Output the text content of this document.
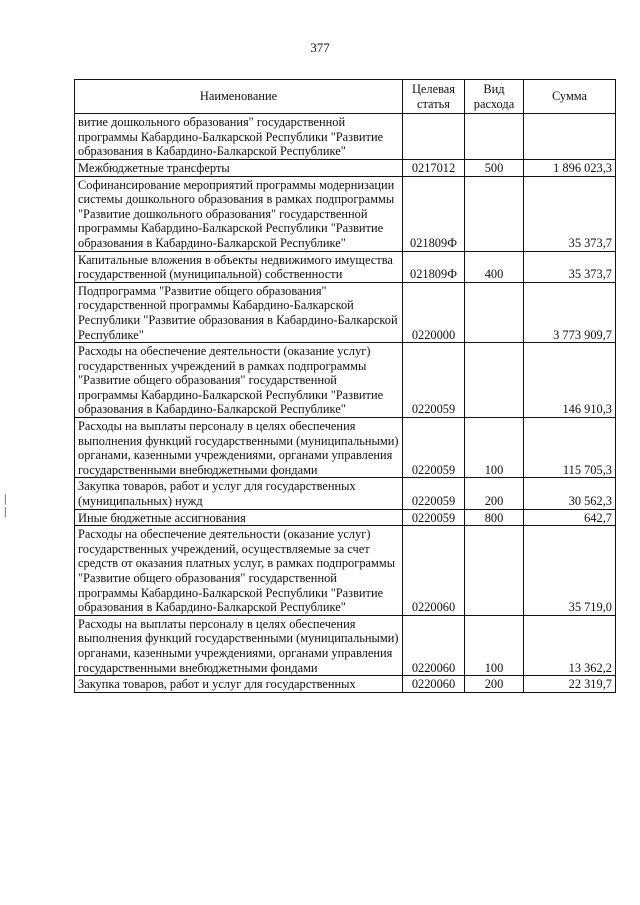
377
|
|
Наименование	Целевая статья	Вид расхода	Сумма
витие дошкольного образования" государственной программы Кабардино-Балкарской Республики "Развитие образования в Кабардино-Балкарской Республике"			
Межбюджетные трансферты	0217012	500	1 896 023,3
Софинансирование мероприятий программы модернизации системы дошкольного образования в рамках подпрограммы "Развитие дошкольного образования" государственной программы Кабардино-Балкарской Республики "Развитие образования в Кабардино-Балкарской Республике"	021809Ф		35 373,7
Капитальные вложения в объекты недвижимого имущества государственной (муниципальной) собственности	021809Ф	400	35 373,7
Подпрограмма "Развитие общего образования" государственной программы Кабардино-Балкарской Республики "Развитие образования в Кабардино-Балкарской Республике"	0220000		3 773 909,7
Расходы на обеспечение деятельности (оказание услуг) государственных учреждений в рамках подпрограммы "Развитие общего образования" государственной программы Кабардино-Балкарской Республики "Развитие образования в Кабардино-Балкарской Республике"	0220059		146 910,3
Расходы на выплаты персоналу в целях обеспечения выполнения функций государственными (муниципальными) органами, казенными учреждениями, органами управления государственными внебюджетными фондами	0220059	100	115 705,3
Закупка товаров, работ и услуг для государственных (муниципальных) нужд	0220059	200	30 562,3
Иные бюджетные ассигнования	0220059	800	642,7
Расходы на обеспечение деятельности (оказание услуг) государственных учреждений, осуществляемые за счет средств от оказания платных услуг, в рамках подпрограммы "Развитие общего образования" государственной программы Кабардино-Балкарской Республики "Развитие образования в Кабардино-Балкарской Республике"	0220060		35 719,0
Расходы на выплаты персоналу в целях обеспечения выполнения функций государственными (муниципальными) органами, казенными учреждениями, органами управления государственными внебюджетными фондами	0220060	100	13 362,2
Закупка товаров, работ и услуг для государственных	0220060	200	22 319,7
